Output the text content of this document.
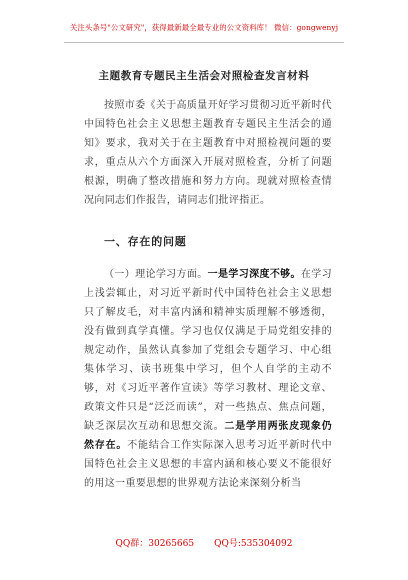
关注头条号"公文研究"，获得最新最全最专业的公文资料库！ 微信：gongwenyj
主题教育专题民主生活会对照检查发言材料

按照市委《关于高质量开好学习贯彻习近平新时代中国特色社会主义思想主题教育专题民主生活会的通知》要求，我对关于在主题教育中对照检视问题的要求，重点从六个方面深入开展对照检查，分析了问题根源，明确了整改措施和努力方向。现就对照检查情况向同志们作报告，请同志们批评指正。

一、存在的问题

（一）理论学习方面。一是学习深度不够。在学习上浅尝辄止，对习近平新时代中国特色社会主义思想只了解皮毛，对丰富内涵和精神实质理解不够透彻，没有做到真学真懂。学习也仅仅满足于局党组安排的规定动作，虽然认真参加了党组会专题学习、中心组集体学习、读书班集中学习，但个人自学的主动不够，对《习近平著作宣读》等学习教材、理论文章、政策文件只是“泛泛而读”，对一些热点、焦点问题，缺乏深层次互动和思想交流。二是学用两张皮现象仍然存在。不能结合工作实际深入思考习近平新时代中国特色社会主义思想的丰富内涵和核心要义不能很好的用这一重要思想的世界观方法论来深刻分析当

QQ群：30265665 QQ号:535304092
